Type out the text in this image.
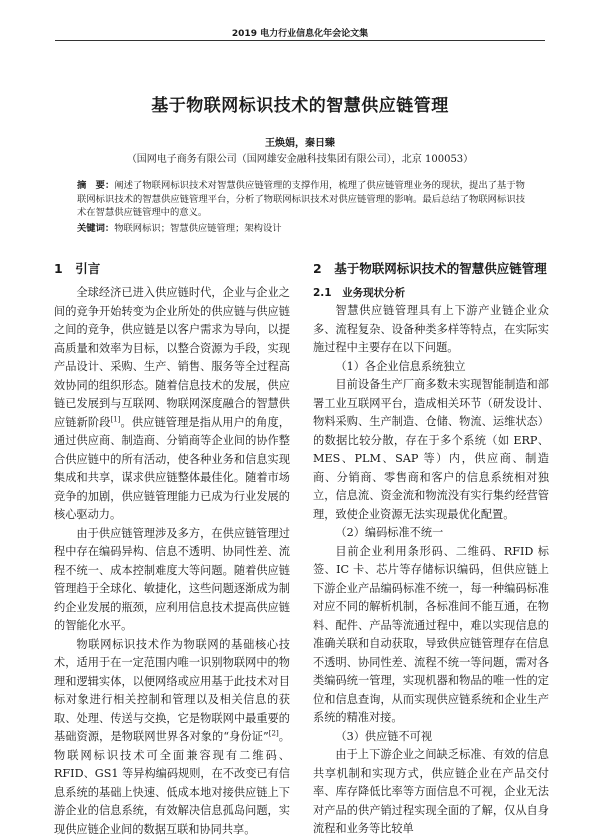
2019 电力行业信息化年会论文集
基于物联网标识技术的智慧供应链管理
王焕娟，秦日臻
（国网电子商务有限公司（国网雄安金融科技集团有限公司），北京 100053）
摘　要：阐述了物联网标识技术对智慧供应链管理的支撑作用，梳理了供应链管理业务的现状，提出了基于物联网标识技术的智慧供应链管理平台，分析了物联网标识技术对供应链管理的影响。最后总结了物联网标识技术在智慧供应链管理中的意义。
关键词：物联网标识；智慧供应链管理；架构设计
1　引言

全球经济已进入供应链时代，企业与企业之间的竞争开始转变为企业所处的供应链与供应链之间的竞争，供应链是以客户需求为导向，以提高质量和效率为目标，以整合资源为手段，实现产品设计、采购、生产、销售、服务等全过程高效协同的组织形态。随着信息技术的发展，供应链已发展到与互联网、物联网深度融合的智慧供应链新阶段[1]。供应链管理是指从用户的角度，通过供应商、制造商、分销商等企业间的协作整合供应链中的所有活动，使各种业务和信息实现集成和共享，谋求供应链整体最佳化。随着市场竞争的加剧，供应链管理能力已成为行业发展的核心驱动力。

由于供应链管理涉及多方，在供应链管理过程中存在编码异构、信息不透明、协同性差、流程不统一、成本控制难度大等问题。随着供应链管理趋于全球化、敏捷化，这些问题逐渐成为制约企业发展的瓶颈，应利用信息技术提高供应链的智能化水平。

物联网标识技术作为物联网的基础核心技术，适用于在一定范围内唯一识别物联网中的物理和逻辑实体，以便网络或应用基于此技术对目标对象进行相关控制和管理以及相关信息的获取、处理、传送与交换，它是物联网中最重要的基础资源，是物联网世界各对象的“身份证”[2]。物联网标识技术可全面兼容现有二维码、RFID、GS1 等异构编码规则，在不改变已有信息系统的基础上快速、低成本地对接供应链上下游企业的信息系统，有效解决信息孤岛问题，实现供应链企业间的数据互联和协同共享。

2　基于物联网标识技术的智慧供应链管理
2.1　业务现状分析

智慧供应链管理具有上下游产业链企业众多、流程复杂、设备种类多样等特点，在实际实施过程中主要存在以下问题。

（1）各企业信息系统独立

目前设备生产厂商多数未实现智能制造和部署工业互联网平台，造成相关环节（研发设计、物料采购、生产制造、仓储、物流、运维状态）的数据比较分散，存在于多个系统（如 ERP、MES、PLM、SAP 等）内，供应商、制造商、分销商、零售商和客户的信息系统相对独立，信息流、资金流和物流没有实行集约经营管理，致使企业资源无法实现最优化配置。

（2）编码标准不统一

目前企业利用条形码、二维码、RFID 标签、IC 卡、芯片等存储标识编码，但供应链上下游企业产品编码标准不统一，每一种编码标准对应不同的解析机制，各标准间不能互通，在物料、配件、产品等流通过程中，难以实现信息的准确关联和自动获取，导致供应链管理存在信息不透明、协同性差、流程不统一等问题，需对各类编码统一管理，实现机器和物品的唯一性的定位和信息查询，从而实现供应链系统和企业生产系统的精准对接。

（3）供应链不可视

由于上下游企业之间缺乏标准、有效的信息共享机制和实现方式，供应链企业在产品交付率、库存降低比率等方面信息不可视，企业无法对产品的供产销过程实现全面的了解，仅从自身流程和业务等比较单
